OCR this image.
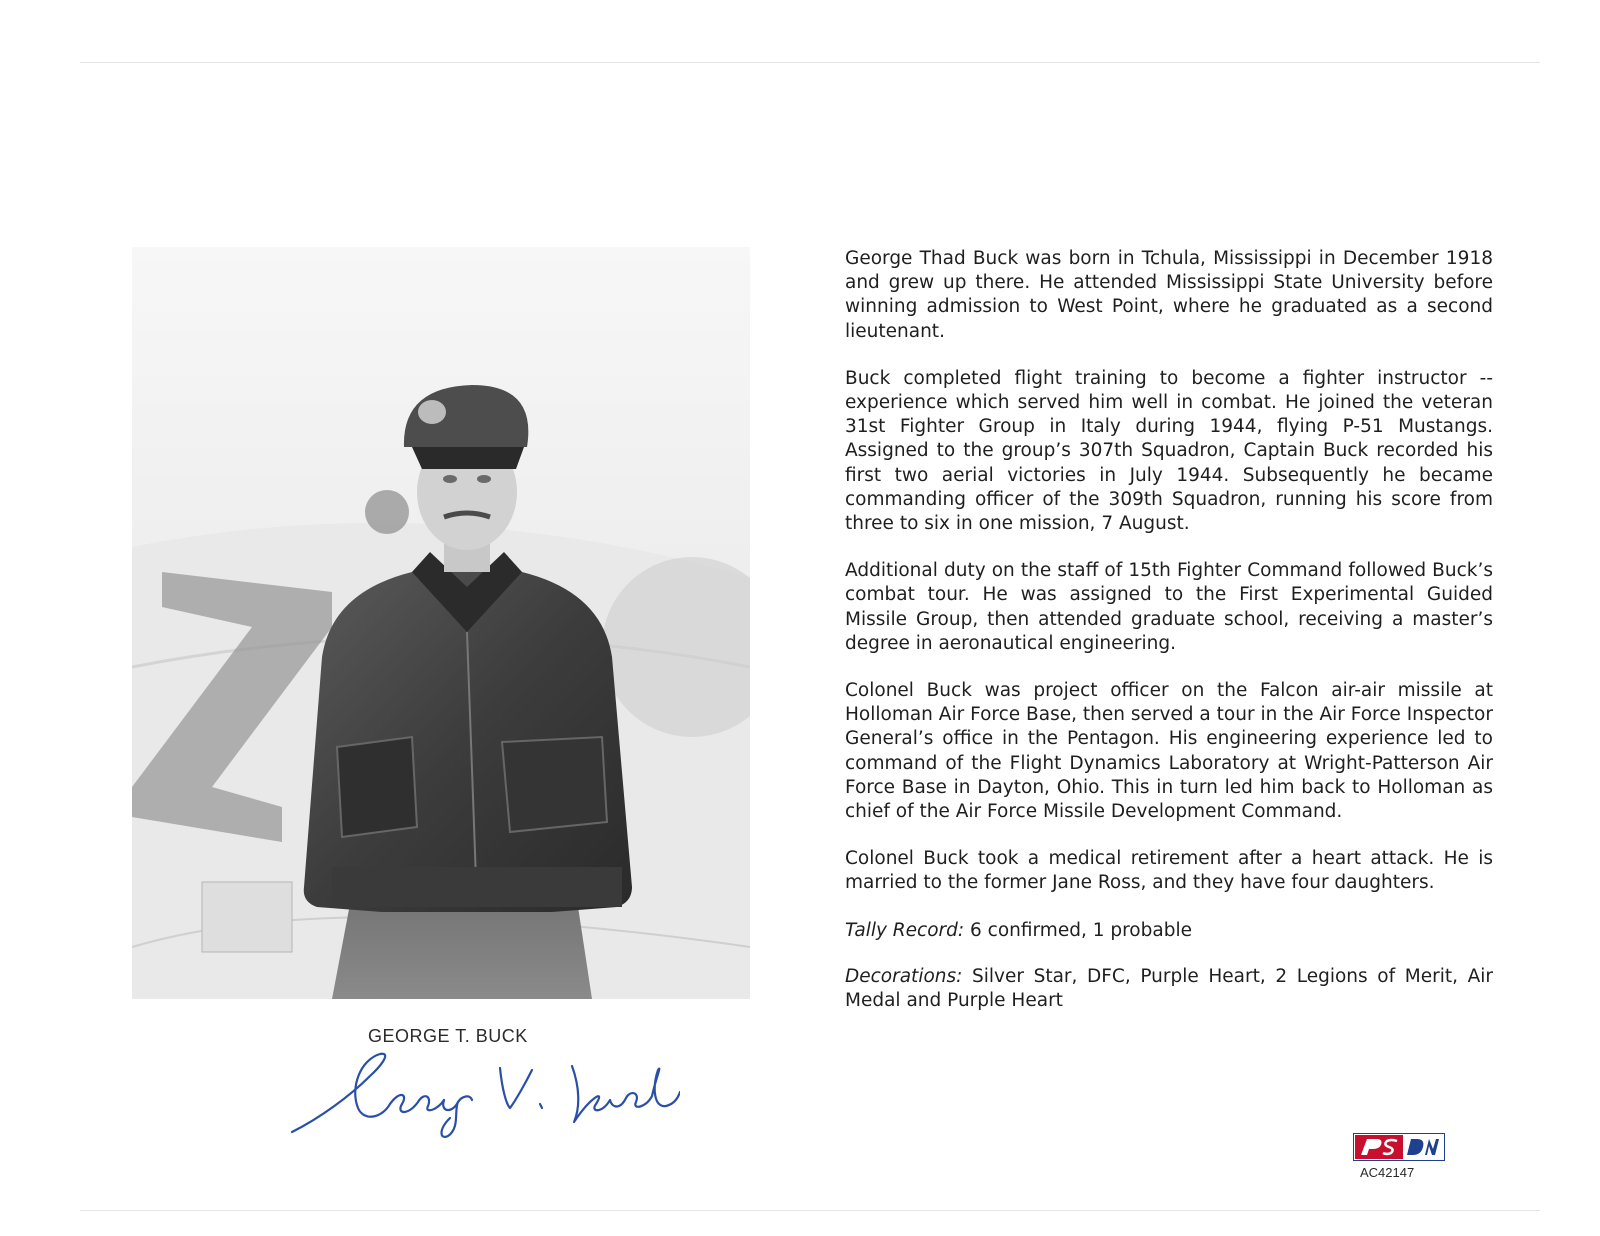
GEORGE T. BUCK

George Thad Buck was born in Tchula, Mississippi in December 1918 and grew up there. He attended Mississippi State University before winning admission to West Point, where he graduated as a second lieutenant.

Buck completed flight training to become a fighter instructor -- experience which served him well in combat. He joined the veteran 31st Fighter Group in Italy during 1944, flying P-51 Mustangs. Assigned to the group’s 307th Squadron, Captain Buck recorded his first two aerial victories in July 1944. Subsequently he became commanding officer of the 309th Squadron, running his score from three to six in one mission, 7 August.

Additional duty on the staff of 15th Fighter Command followed Buck’s combat tour. He was assigned to the First Experimental Guided Missile Group, then attended graduate school, receiving a master’s degree in aeronautical engineering.

Colonel Buck was project officer on the Falcon air-air missile at Holloman Air Force Base, then served a tour in the Air Force Inspector General’s office in the Pentagon. His engineering experience led to command of the Flight Dynamics Laboratory at Wright-Patterson Air Force Base in Dayton, Ohio. This in turn led him back to Holloman as chief of the Air Force Missile Development Command.

Colonel Buck took a medical retirement after a heart attack. He is married to the former Jane Ross, and they have four daughters.

Tally Record: 6 confirmed, 1 probable

Decorations: Silver Star, DFC, Purple Heart, 2 Legions of Merit, Air Medal and Purple Heart

AC42147
